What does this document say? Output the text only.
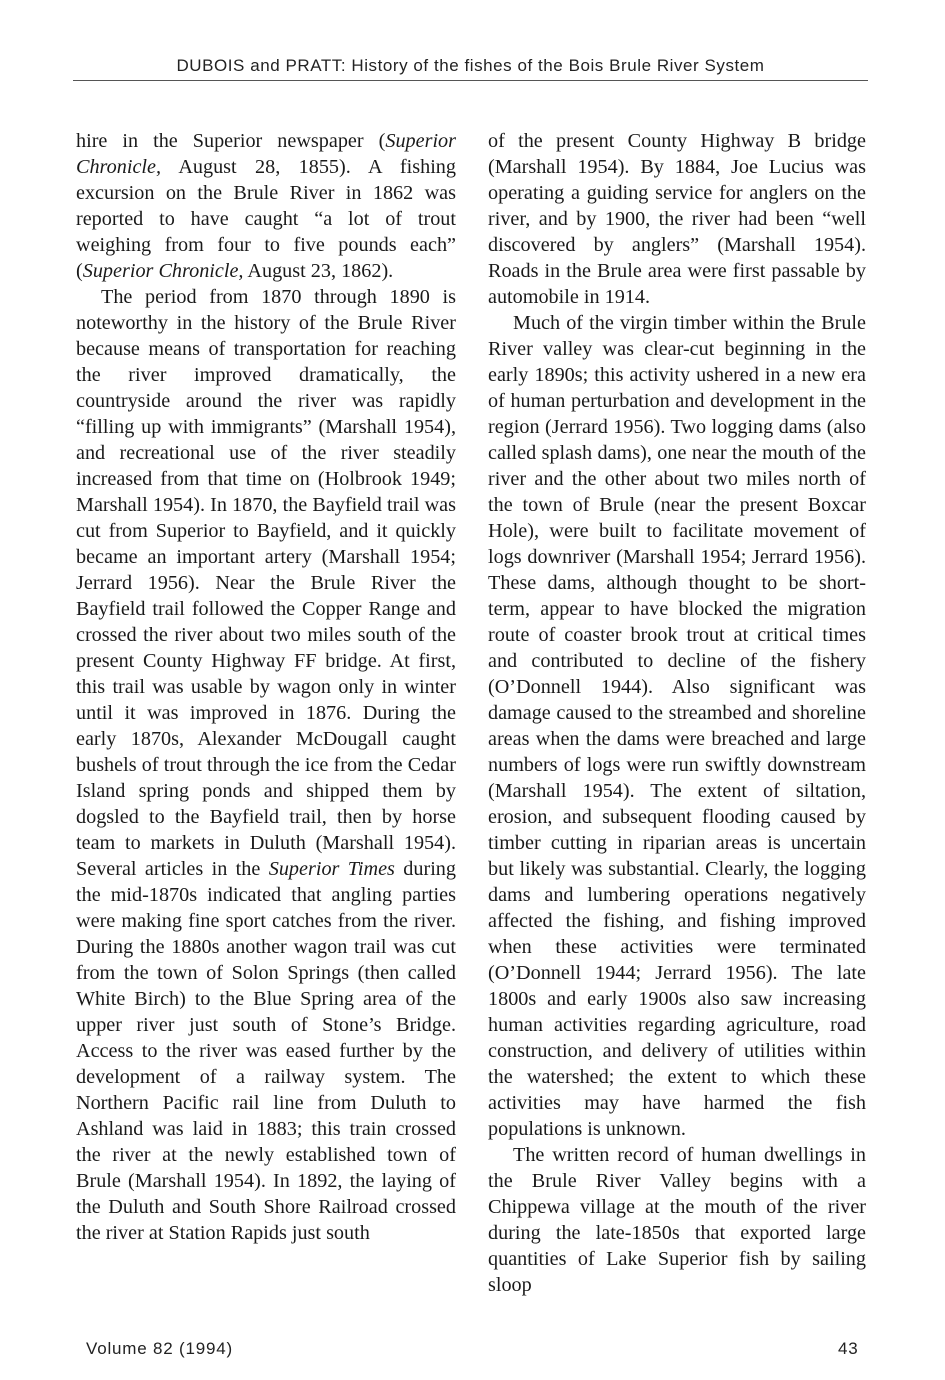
DUBOIS and PRATT: History of the fishes of the Bois Brule River System

hire in the Superior newspaper (Superior Chronicle, August 28, 1855). A fishing excursion on the Brule River in 1862 was reported to have caught “a lot of trout weighing from four to five pounds each” (Superior Chronicle, August 23, 1862).

The period from 1870 through 1890 is noteworthy in the history of the Brule River because means of transportation for reaching the river improved dramatically, the countryside around the river was rapidly “filling up with immigrants” (Marshall 1954), and recreational use of the river steadily increased from that time on (Holbrook 1949; Marshall 1954). In 1870, the Bayfield trail was cut from Superior to Bayfield, and it quickly became an important artery (Marshall 1954; Jerrard 1956). Near the Brule River the Bayfield trail followed the Copper Range and crossed the river about two miles south of the present County Highway FF bridge. At first, this trail was usable by wagon only in winter until it was improved in 1876. During the early 1870s, Alexander McDougall caught bushels of trout through the ice from the Cedar Island spring ponds and shipped them by dogsled to the Bayfield trail, then by horse team to markets in Duluth (Marshall 1954). Several articles in the Superior Times during the mid-1870s indicated that angling parties were making fine sport catches from the river. During the 1880s another wagon trail was cut from the town of Solon Springs (then called White Birch) to the Blue Spring area of the upper river just south of Stone’s Bridge. Access to the river was eased further by the development of a railway system. The Northern Pacific rail line from Duluth to Ashland was laid in 1883; this train crossed the river at the newly established town of Brule (Marshall 1954). In 1892, the laying of the Duluth and South Shore Railroad crossed the river at Station Rapids just south

of the present County Highway B bridge (Marshall 1954). By 1884, Joe Lucius was operating a guiding service for anglers on the river, and by 1900, the river had been “well discovered by anglers” (Marshall 1954). Roads in the Brule area were first passable by automobile in 1914.

Much of the virgin timber within the Brule River valley was clear-cut beginning in the early 1890s; this activity ushered in a new era of human perturbation and development in the region (Jerrard 1956). Two logging dams (also called splash dams), one near the mouth of the river and the other about two miles north of the town of Brule (near the present Boxcar Hole), were built to facilitate movement of logs downriver (Marshall 1954; Jerrard 1956). These dams, although thought to be short-term, appear to have blocked the migration route of coaster brook trout at critical times and contributed to decline of the fishery (O’Donnell 1944). Also significant was damage caused to the streambed and shoreline areas when the dams were breached and large numbers of logs were run swiftly downstream (Marshall 1954). The extent of siltation, erosion, and subsequent flooding caused by timber cutting in riparian areas is uncertain but likely was substantial. Clearly, the logging dams and lumbering operations negatively affected the fishing, and fishing improved when these activities were terminated (O’Donnell 1944; Jerrard 1956). The late 1800s and early 1900s also saw increasing human activities regarding agriculture, road construction, and delivery of utilities within the watershed; the extent to which these activities may have harmed the fish populations is unknown.

The written record of human dwellings in the Brule River Valley begins with a Chippewa village at the mouth of the river during the late-1850s that exported large quantities of Lake Superior fish by sailing sloop

Volume 82 (1994)	43
